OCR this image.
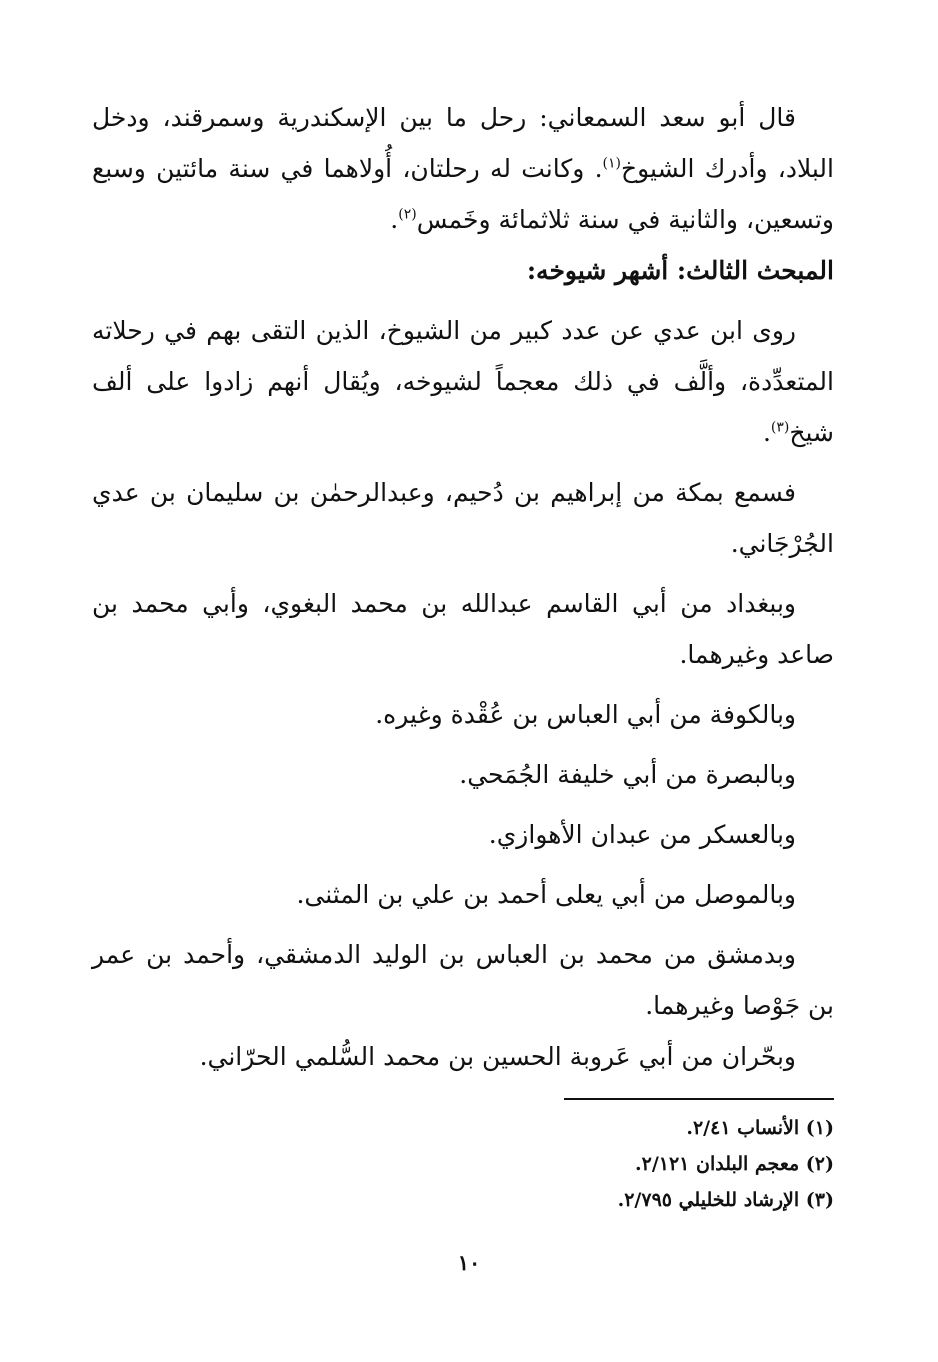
قال أبو سعد السمعاني: رحل ما بين الإسكندرية وسمرقند، ودخل البلاد، وأدرك الشيوخ$^{(١)}$. وكانت له رحلتان، أُولاهما في سنة مائتين وسبع وتسعين، والثانية في سنة ثلاثمائة وخَمس$^{(٢)}$.

المبحث الثالث: أشهر شيوخه:

روى ابن عدي عن عدد كبير من الشيوخ، الذين التقى بهم في رحلاته المتعدِّدة، وألَّف في ذلك معجماً لشيوخه، ويُقال أنهم زادوا على ألف شيخ$^{(٣)}$.

فسمع بمكة من إبراهيم بن دُحيم، وعبدالرحمٰن بن سليمان بن عدي الجُرْجَاني.

وببغداد من أبي القاسم عبدالله بن محمد البغوي، وأبي محمد بن صاعد وغيرهما.

وبالكوفة من أبي العباس بن عُقْدة وغيره.

وبالبصرة من أبي خليفة الجُمَحي.

وبالعسكر من عبدان الأهوازي.

وبالموصل من أبي يعلى أحمد بن علي بن المثنى.

وبدمشق من محمد بن العباس بن الوليد الدمشقي، وأحمد بن عمر بن جَوْصا وغيرهما.

وبحّران من أبي عَروبة الحسين بن محمد السُّلمي الحرّاني.

(١) الأنساب ٢/٤١.

(٢) معجم البلدان ٢/١٢١.

(٣) الإرشاد للخليلي ٢/٧٩٥.

١٠
